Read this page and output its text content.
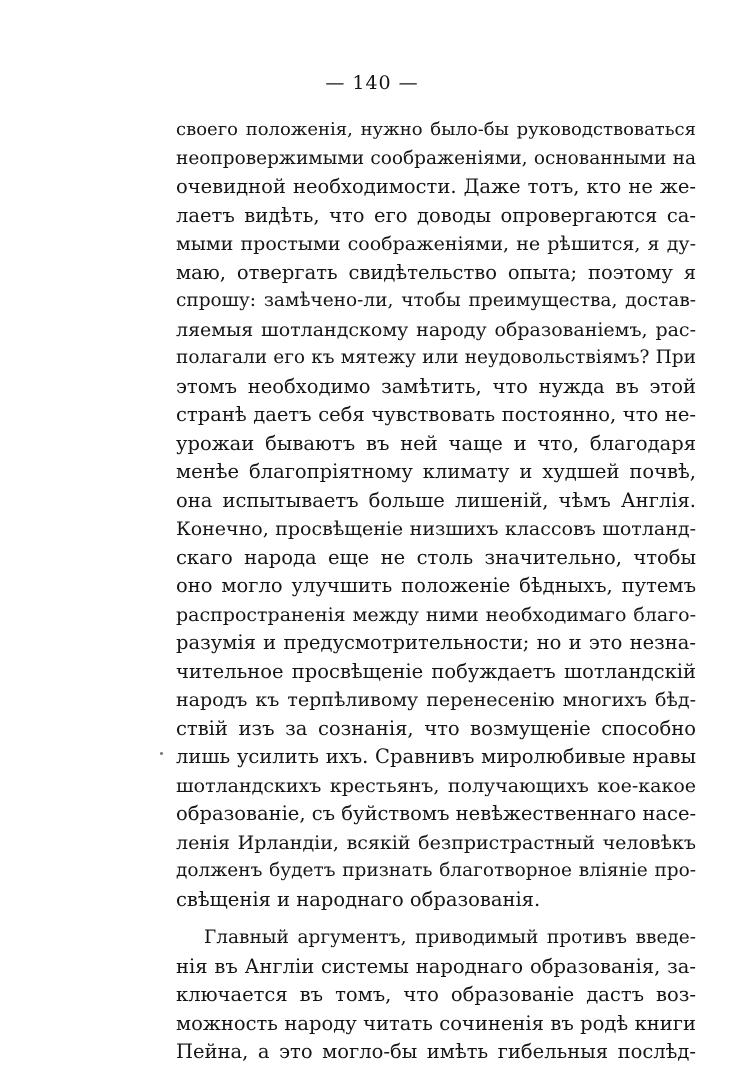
— 140 —
своего положенія, нужно было-бы руководствоваться
неопровержимыми соображеніями, основанными на
очевидной необходимости. Даже тотъ, кто не же-
лаетъ видѣть, что его доводы опровергаются са-
мыми простыми соображеніями, не рѣшится, я ду-
маю, отвергать свидѣтельство опыта; поэтому я
спрошу: замѣчено-ли, чтобы преимущества, достав-
ляемыя шотландскому народу образованіемъ, рас-
полагали его къ мятежу или неудовольствіямъ? При
этомъ необходимо замѣтить, что нужда въ этой
странѣ даетъ себя чувствовать постоянно, что не-
урожаи бываютъ въ ней чаще и что, благодаря
менѣе благопріятному климату и худшей почвѣ,
она испытываетъ больше лишеній, чѣмъ Англія.
Конечно, просвѣщеніе низшихъ классовъ шотланд-
скаго народа еще не столь значительно, чтобы
оно могло улучшить положеніе бѣдныхъ, путемъ
распространенія между ними необходимаго благо-
разумія и предусмотрительности; но и это незна-
чительное просвѣщеніе побуждаетъ шотландскій
народъ къ терпѣливому перенесенію многихъ бѣд-
ствій изъ за сознанія, что возмущеніе способно
лишь усилить ихъ. Сравнивъ миролюбивые нравы
шотландскихъ крестьянъ, получающихъ кое-какое
образованіе, съ буйствомъ невѣжественнаго насе-
ленія Ирландіи, всякій безпристрастный человѣкъ
долженъ будетъ признать благотворное вліяніе про-
свѣщенія и народнаго образованія.
Главный аргументъ, приводимый противъ введе-
нія въ Англіи системы народнаго образованія, за-
ключается въ томъ, что образованіе дастъ воз-
можность народу читать сочиненія въ родѣ книги
Пейна, а это могло-бы имѣть гибельныя послѣд-
